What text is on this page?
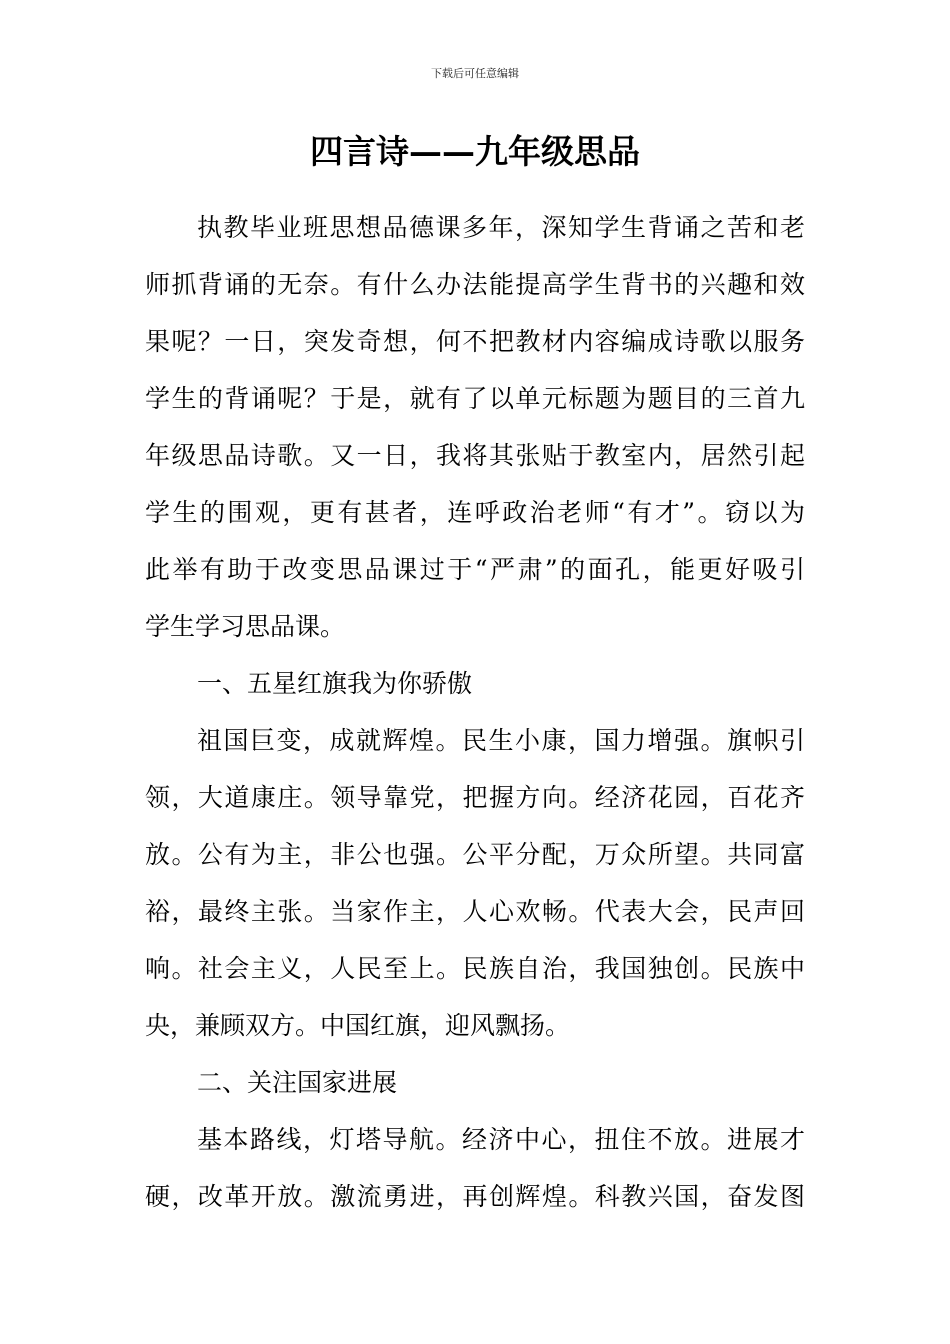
下载后可任意编辑
四言诗——九年级思品
执教毕业班思想品德课多年，深知学生背诵之苦和老
师抓背诵的无奈。有什么办法能提高学生背书的兴趣和效
果呢？一日，突发奇想，何不把教材内容编成诗歌以服务
学生的背诵呢？于是，就有了以单元标题为题目的三首九
年级思品诗歌。又一日，我将其张贴于教室内，居然引起
学生的围观，更有甚者，连呼政治老师“有才”。窃以为
此举有助于改变思品课过于“严肃”的面孔，能更好吸引
学生学习思品课。
一、五星红旗我为你骄傲
祖国巨变，成就辉煌。民生小康，国力增强。旗帜引
领，大道康庄。领导靠党，把握方向。经济花园，百花齐
放。公有为主，非公也强。公平分配，万众所望。共同富
裕，最终主张。当家作主，人心欢畅。代表大会，民声回
响。社会主义，人民至上。民族自治，我国独创。民族中
央，兼顾双方。中国红旗，迎风飘扬。
二、关注国家进展
基本路线，灯塔导航。经济中心，扭住不放。进展才
硬，改革开放。激流勇进，再创辉煌。科教兴国，奋发图
